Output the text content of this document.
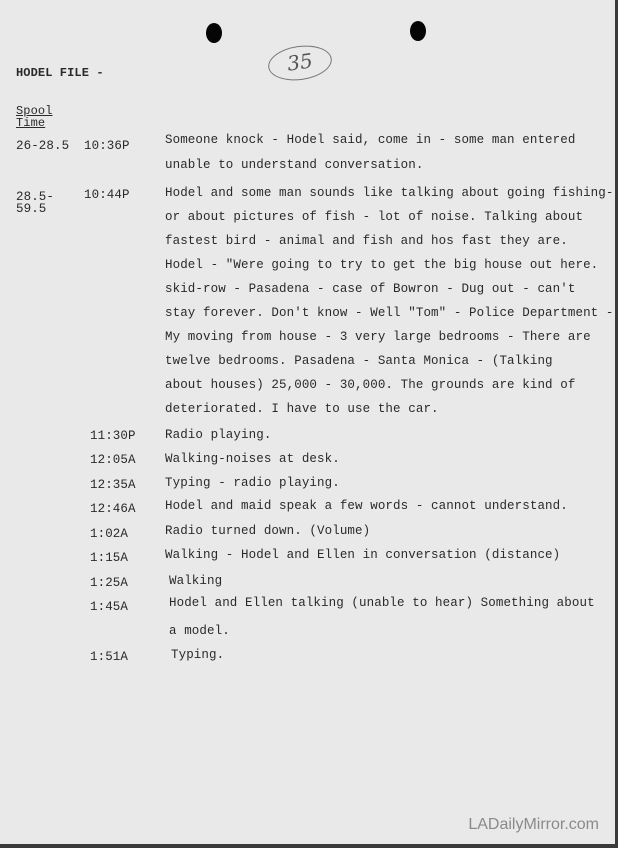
35
HODEL FILE -
Spool
Time
26-28.5 10:36P	Someone knock - Hodel said, come in - some man entered
unable to understand conversation.
28.5-
59.5
10:44P	Hodel and some man sounds like talking about going fishing-
or about pictures of fish - lot of noise. Talking about
fastest bird - animal and fish and hos fast they are.
Hodel - "Were going to try to get the big house out here.
skid-row - Pasadena - case of Bowron - Dug out - can't
stay forever. Don't know - Well "Tom" - Police Department -
My moving from house - 3 very large bedrooms - There are
twelve bedrooms. Pasadena - Santa Monica - (Talking
about houses) 25,000 - 30,000. The grounds are kind of
deteriorated. I have to use the car.
11:30P Radio playing.
12:05A Walking-noises at desk.
12:35A Typing - radio playing.
12:46A Hodel and maid speak a few words - cannot understand.
1:02A	Radio turned down. (Volume)
1:15A	Walking - Hodel and Ellen in conversation (distance)
1:25A	Walking
1:45A	Hodel and Ellen talking (unable to hear) Something about
a model.
1:51A	Typing.
LADailyMirror.com
